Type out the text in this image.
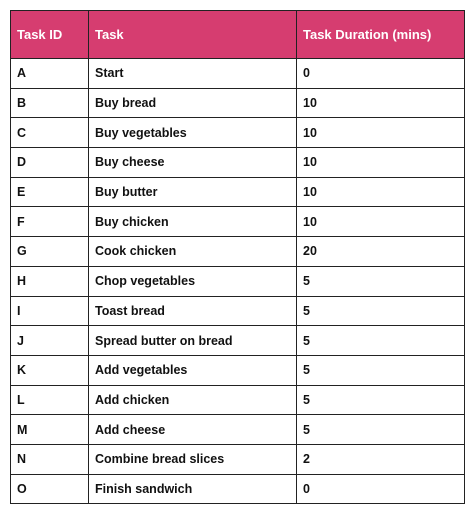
Task ID	Task	Task Duration (mins)
A	Start	0
B	Buy bread	10
C	Buy vegetables	10
D	Buy cheese	10
E	Buy butter	10
F	Buy chicken	10
G	Cook chicken	20
H	Chop vegetables	5
I	Toast bread	5
J	Spread butter on bread	5
K	Add vegetables	5
L	Add chicken	5
M	Add cheese	5
N	Combine bread slices	2
O	Finish sandwich	0
